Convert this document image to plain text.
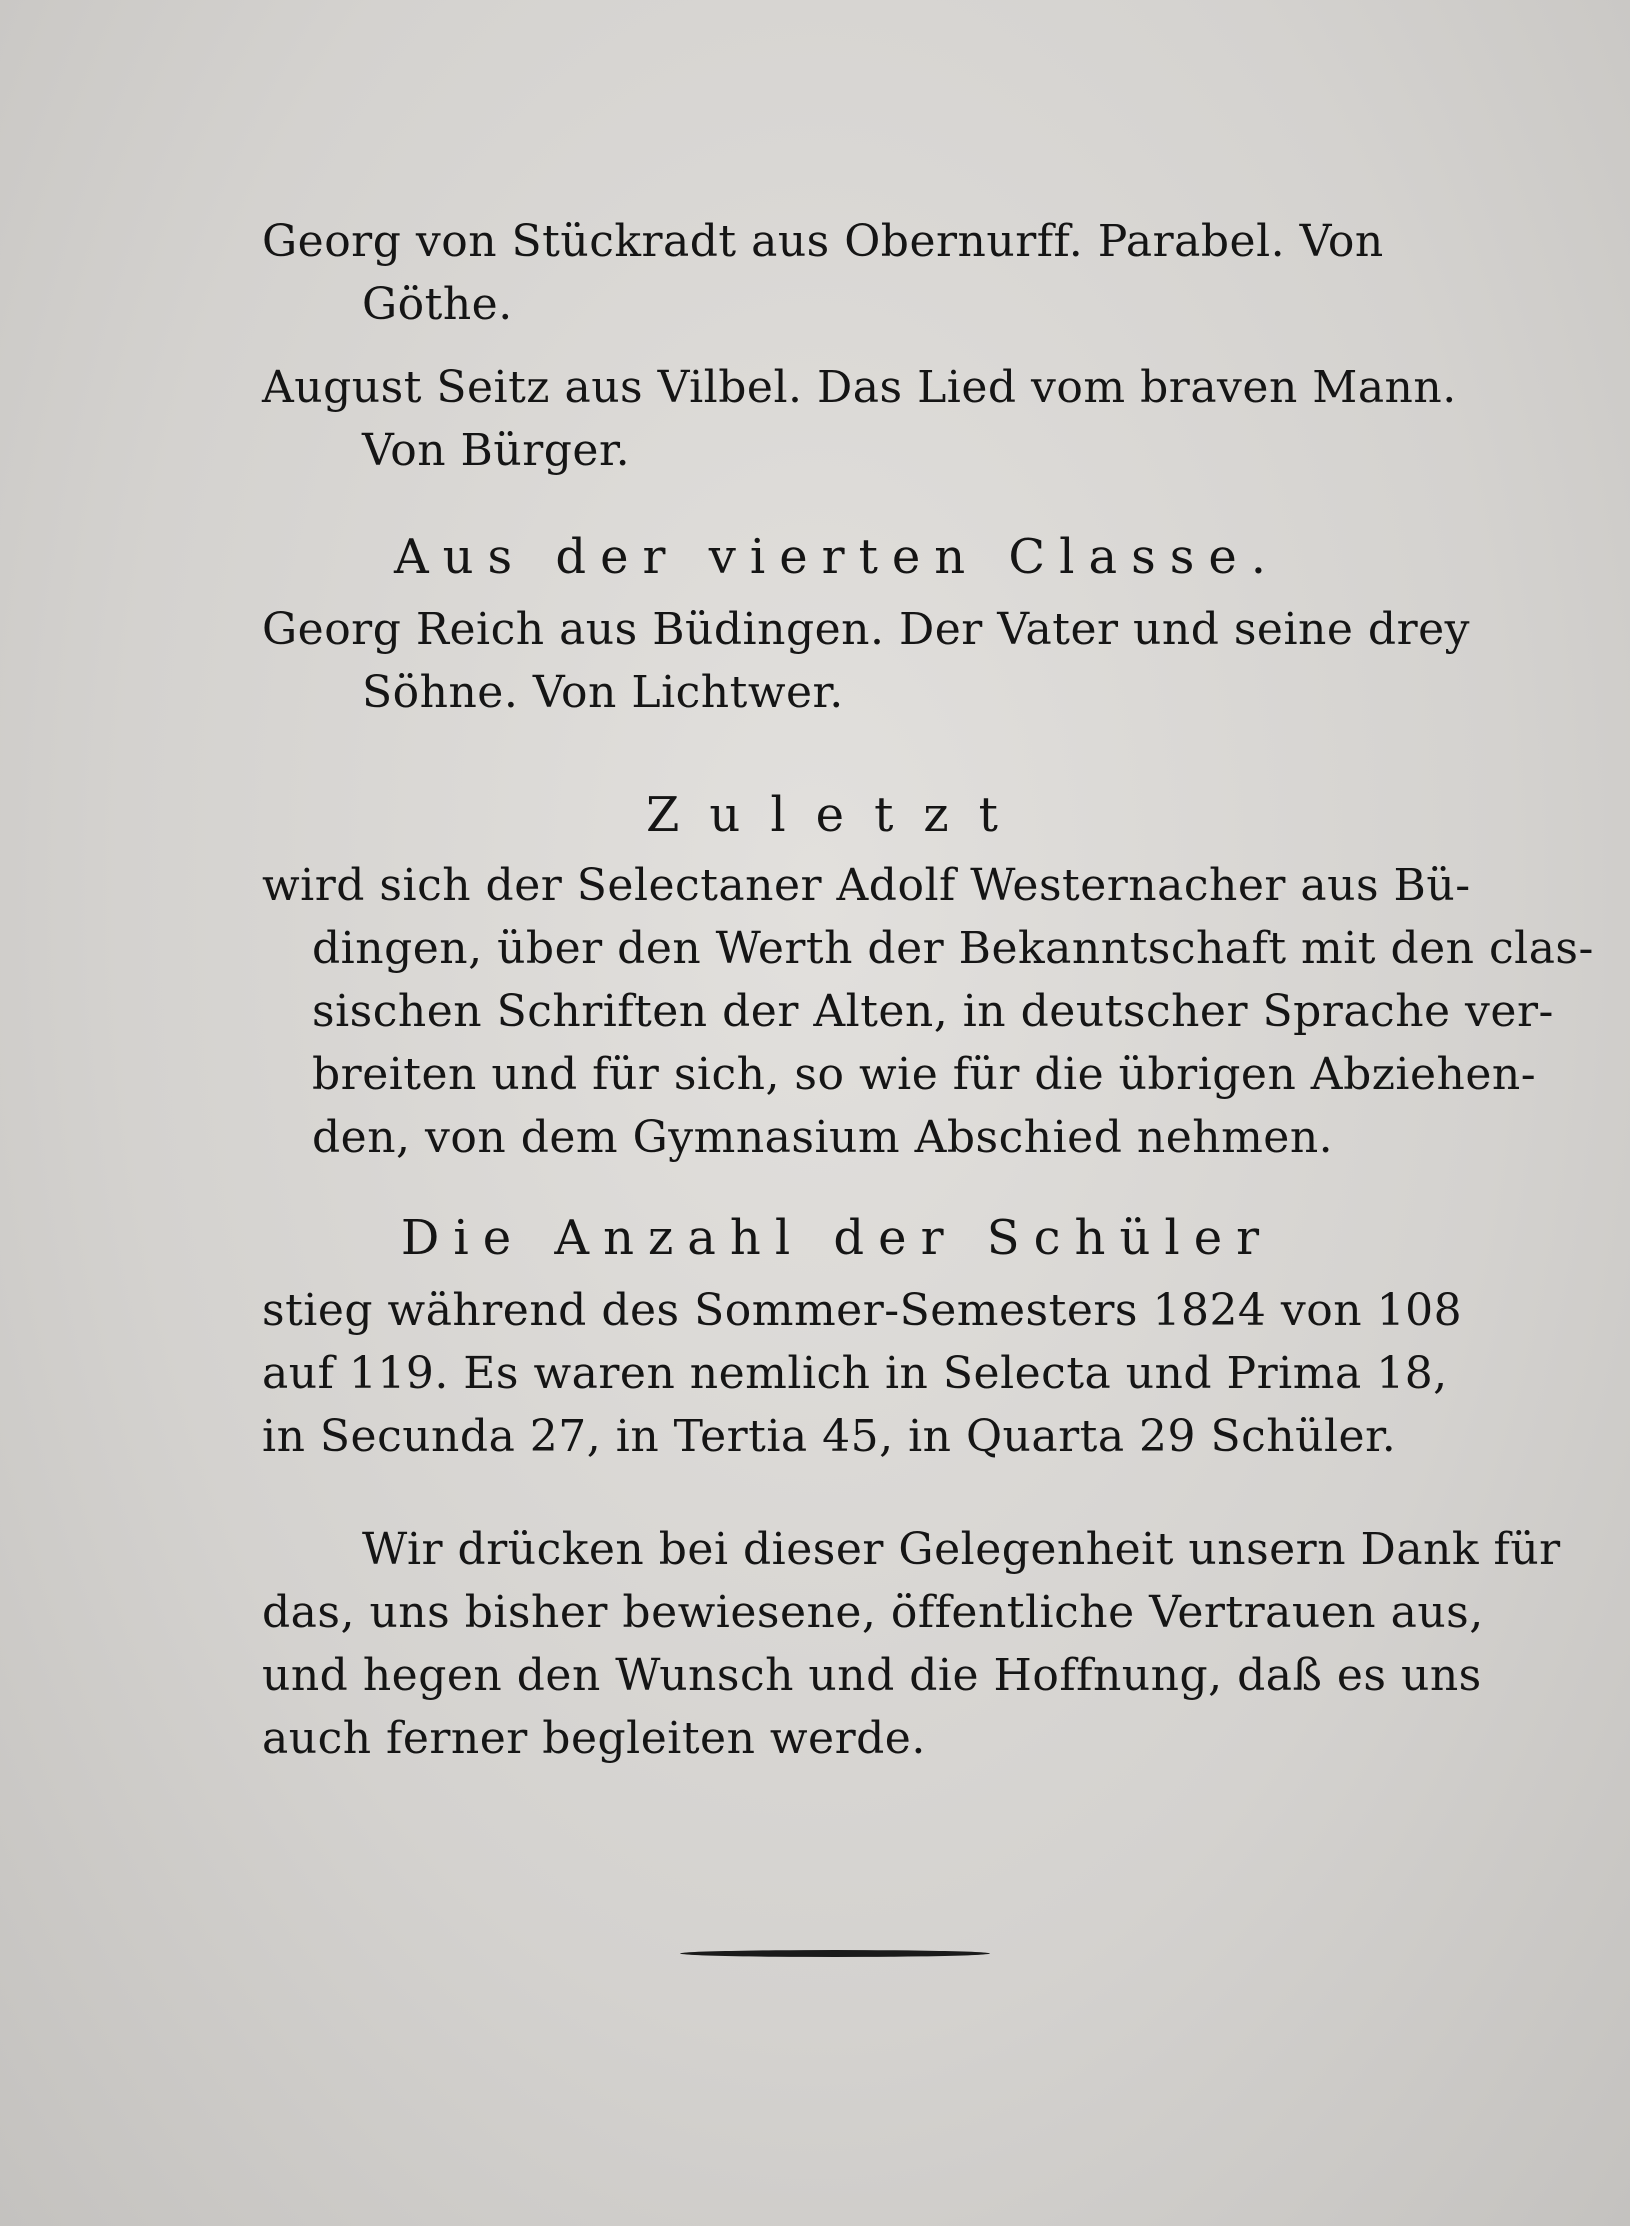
Georg von Stückradt aus Obernurff. Parabel. Von
Göthe.
August Seitz aus Vilbel. Das Lied vom braven Mann.
Von Bürger.
Aus der vierten Classe.
Georg Reich aus Büdingen. Der Vater und seine drey
Söhne. Von Lichtwer.
Zuletzt
wird sich der Selectaner Adolf Westernacher aus Bü-
dingen, über den Werth der Bekanntschaft mit den clas-
sischen Schriften der Alten, in deutscher Sprache ver-
breiten und für sich, so wie für die übrigen Abziehen-
den, von dem Gymnasium Abschied nehmen.
Die Anzahl der Schüler
stieg während des Sommer-Semesters 1824 von 108
auf 119. Es waren nemlich in Selecta und Prima 18,
in Secunda 27, in Tertia 45, in Quarta 29 Schüler.
Wir drücken bei dieser Gelegenheit unsern Dank für
das, uns bisher bewiesene, öffentliche Vertrauen aus,
und hegen den Wunsch und die Hoffnung, daß es uns
auch ferner begleiten werde.
